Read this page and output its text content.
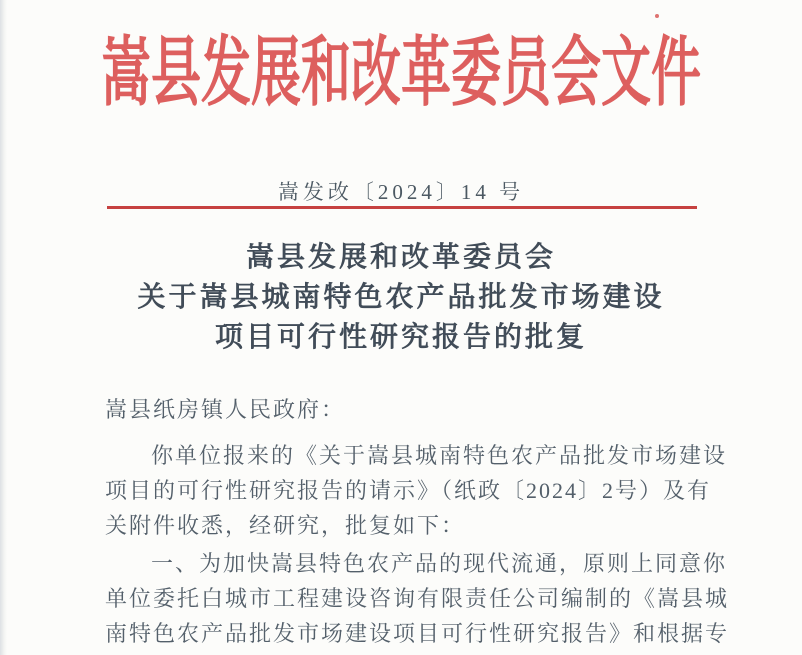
嵩县发展和改革委员会文件
嵩发改〔2024〕14 号
嵩县发展和改革委员会
关于嵩县城南特色农产品批发市场建设
项目可行性研究报告的批复
嵩县纸房镇人民政府：
你单位报来的《关于嵩县城南特色农产品批发市场建设
项目的可行性研究报告的请示》（纸政〔2024〕2号）及有
关附件收悉，经研究，批复如下：
一、为加快嵩县特色农产品的现代流通，原则上同意你
单位委托白城市工程建设咨询有限责任公司编制的《嵩县城
南特色农产品批发市场建设项目可行性研究报告》和根据专
